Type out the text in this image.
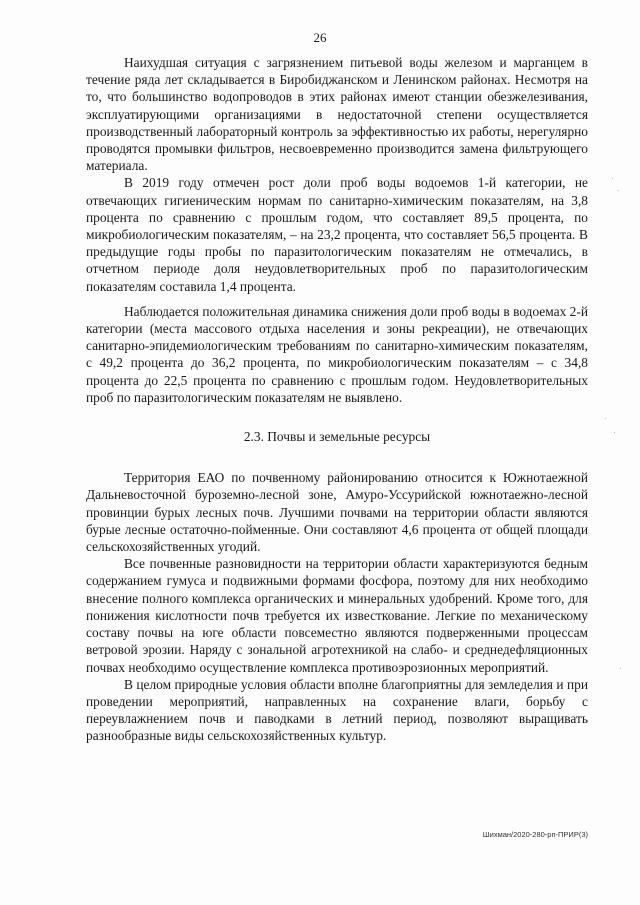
26

Наихудшая ситуация с загрязнением питьевой воды железом и марганцем в течение ряда лет складывается в Биробиджанском и Ленинском районах. Несмотря на то, что большинство водопроводов в этих районах имеют станции обезжелезивания, эксплуатирующими организациями в недостаточной степени осуществляется производственный лабораторный контроль за эффективностью их работы, нерегулярно проводятся промывки фильтров, несвоевременно производится замена фильтрующего материала.

В 2019 году отмечен рост доли проб воды водоемов 1-й категории, не отвечающих гигиеническим нормам по санитарно-химическим показателям, на 3,8 процента по сравнению с прошлым годом, что составляет 89,5 процента, по микробиологическим показателям, – на 23,2 процента, что составляет 56,5 процента. В предыдущие годы пробы по паразитологическим показателям не отмечались, в отчетном периоде доля неудовлетворительных проб по паразитологическим показателям составила 1,4 процента.

Наблюдается положительная динамика снижения доли проб воды в водоемах 2-й категории (места массового отдыха населения и зоны рекреации), не отвечающих санитарно-эпидемиологическим требованиям по санитарно-химическим показателям, с 49,2 процента до 36,2 процента, по микробиологическим показателям – с 34,8 процента до 22,5 процента по сравнению с прошлым годом. Неудовлетворительных проб по паразитологическим показателям не выявлено.

2.3. Почвы и земельные ресурсы

Территория ЕАО по почвенному районированию относится к Южнотаежной Дальневосточной буроземно-лесной зоне, Амуро-Уссурийской южнотаежно-лесной провинции бурых лесных почв. Лучшими почвами на территории области являются бурые лесные остаточно-пойменные. Они составляют 4,6 процента от общей площади сельскохозяйственных угодий.

Все почвенные разновидности на территории области характеризуются бедным содержанием гумуса и подвижными формами фосфора, поэтому для них необходимо внесение полного комплекса органических и минеральных удобрений. Кроме того, для понижения кислотности почв требуется их известкование. Легкие по механическому составу почвы на юге области повсеместно являются подверженными процессам ветровой эрозии. Наряду с зональной агротехникой на слабо- и среднедефляционных почвах необходимо осуществление комплекса противоэрозионных мероприятий.

В целом природные условия области вполне благоприятны для земледелия и при проведении мероприятий, направленных на сохранение влаги, борьбу с переувлажнением почв и паводками в летний период, позволяют выращивать разнообразные виды сельскохозяйственных культур.

Шихман/2020-280-рп-ПРИР(3)
